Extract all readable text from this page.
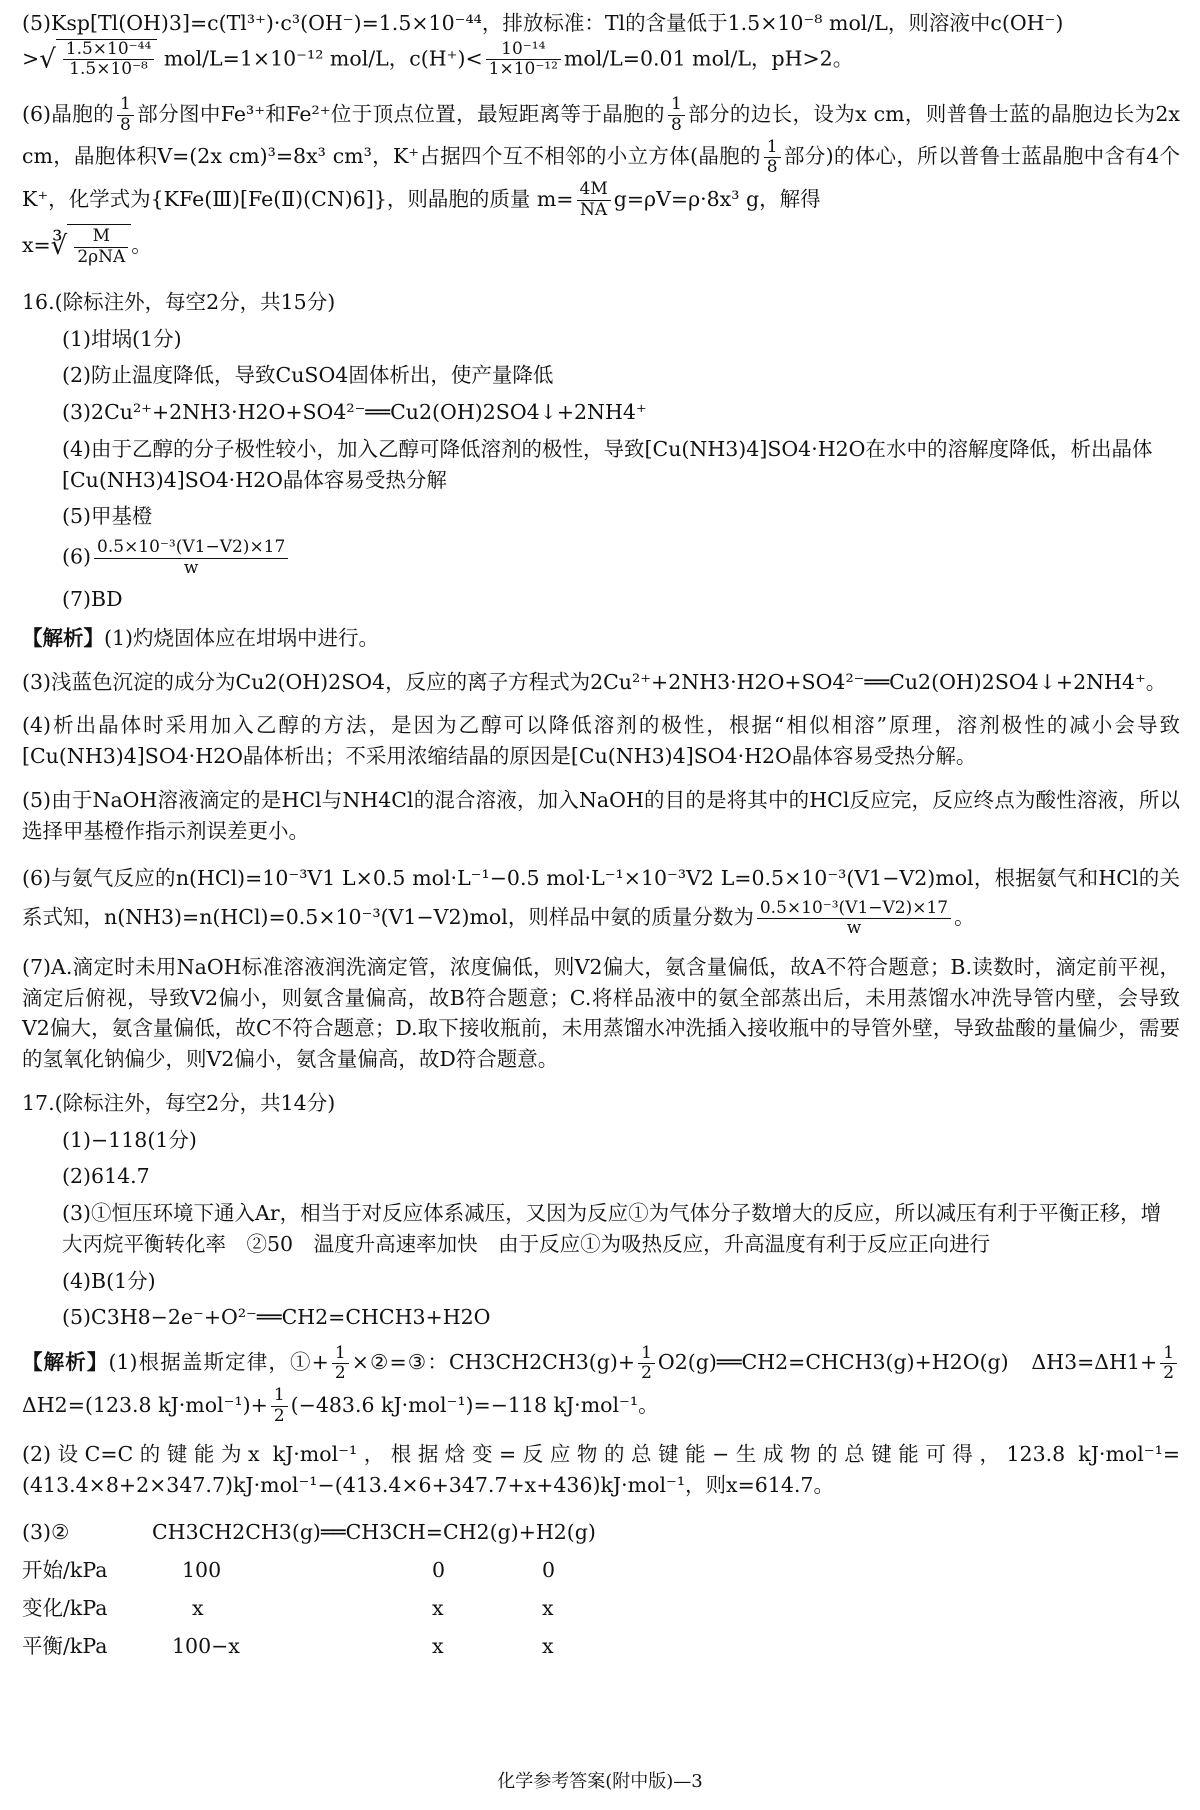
(5)Ksp[Tl(OH)3]=c(Tl³⁺)·c³(OH⁻)=1.5×10⁻⁴⁴，排放标准：Tl的含量低于1.5×10⁻⁸ mol/L，则溶液中c(OH⁻)
>√ $\frac{\text{1.5×10⁻⁴⁴}}{\text{1.5×10⁻⁸}} mol/L=1\times 10^{-12}$ mol/L，$c(H^+)< \frac{\text{10⁻¹⁴}}{\text{1×10⁻¹²}} mol/L=0.01$ mol/L，pH>2。

(6)晶胞的 $\frac{1}{8}$ 部分图中Fe³⁺和Fe²⁺位于顶点位置，最短距离等于晶胞的 $\frac{1}{8}$ 部分的边长，设为x cm，则普鲁士蓝的晶胞边长为2x cm，晶胞体积V=(2x cm)³=8x³ cm³，K⁺占据四个互不相邻的小立方体(晶胞的 $\frac{1}{8}$ 部分)的体心，所以普鲁士蓝晶胞中含有4个K⁺，化学式为{KFe(Ⅲ)[Fe(Ⅱ)(CN)6]}，则晶胞的质量 $m= \frac{4M}{NA} g=\rho V=\rho\cdot 8x^3$ g，解得
x=∛ $\frac{M}{\text{2ρNA}}$ 。

16.(除标注外，每空2分，共15分)
(1)坩埚(1分)
(2)防止温度降低，导致CuSO4固体析出，使产量降低
(3)2Cu²⁺+2NH3·H2O+SO4²⁻══Cu2(OH)2SO4↓+2NH4⁺
(4)由于乙醇的分子极性较小，加入乙醇可降低溶剂的极性，导致[Cu(NH3)4]SO4·H2O在水中的溶解度降低，析出晶体　[Cu(NH3)4]SO4·H2O晶体容易受热分解
(5)甲基橙
$(6) \frac{\text{0.5×10⁻³(V1−V2)×17}}{w}$
(7)BD

【解析】(1)灼烧固体应在坩埚中进行。

(3)浅蓝色沉淀的成分为Cu2(OH)2SO4，反应的离子方程式为2Cu²⁺+2NH3·H2O+SO4²⁻══Cu2(OH)2SO4↓+2NH4⁺。

(4)析出晶体时采用加入乙醇的方法，是因为乙醇可以降低溶剂的极性，根据“相似相溶”原理，溶剂极性的减小会导致[Cu(NH3)4]SO4·H2O晶体析出；不采用浓缩结晶的原因是[Cu(NH3)4]SO4·H2O晶体容易受热分解。

(5)由于NaOH溶液滴定的是HCl与NH4Cl的混合溶液，加入NaOH的目的是将其中的HCl反应完，反应终点为酸性溶液，所以选择甲基橙作指示剂误差更小。

(6)与氨气反应的n(HCl)=10⁻³V1 L×0.5 mol·L⁻¹−0.5 mol·L⁻¹×10⁻³V2 L=0.5×10⁻³(V1−V2)mol，根据氨气和HCl的关系式知，n(NH3)=n(HCl)=0.5×10⁻³(V1−V2)mol，则样品中氨的质量分数为 $\frac{\text{0.5×10⁻³(V1−V2)×17}}{w}$ 。

(7)A.滴定时未用NaOH标准溶液润洗滴定管，浓度偏低，则V2偏大，氨含量偏低，故A不符合题意；B.读数时，滴定前平视，滴定后俯视，导致V2偏小，则氨含量偏高，故B符合题意；C.将样品液中的氨全部蒸出后，未用蒸馏水冲洗导管内壁，会导致V2偏大，氨含量偏低，故C不符合题意；D.取下接收瓶前，未用蒸馏水冲洗插入接收瓶中的导管外壁，导致盐酸的量偏少，需要的氢氧化钠偏少，则V2偏小，氨含量偏高，故D符合题意。

17.(除标注外，每空2分，共14分)
(1)−118(1分)
(2)614.7
(3)①恒压环境下通入Ar，相当于对反应体系减压，又因为反应①为气体分子数增大的反应，所以减压有利于平衡正移，增大丙烷平衡转化率　②50　温度升高速率加快　由于反应①为吸热反应，升高温度有利于反应正向进行
(4)B(1分)
(5)C3H8−2e⁻+O²⁻══CH2=CHCH3+H2O

【解析】(1)根据盖斯定律，①+ $\frac{1}{2}$ ×②=③：$CH3CH2CH3(g)+ \frac{1}{2}$ O2(g)══CH2=CHCH3(g)+H2O(g)　$\Delta H3=\Delta H1+ \frac{1}{2}$
ΔH2=(123.8 $kJ\cdot mol^{-1})+ \frac{1}{2} (-483.6$ kJ·mol⁻¹)=−118 kJ·mol⁻¹。

(2)设C=C的键能为x kJ·mol⁻¹，根据焓变=反应物的总键能−生成物的总键能可得，123.8 kJ·mol⁻¹=(413.4×8+2×347.7)kJ·mol⁻¹−(413.4×6+347.7+x+436)kJ·mol⁻¹，则x=614.7。

(3)②	CH3CH2CH3(g)══CH3CH=CH2(g)+H2(g)		
开始/kPa	100	0	0
变化/kPa	x	x	x
平衡/kPa	100−x	x	x
化学参考答案(附中版)—3
